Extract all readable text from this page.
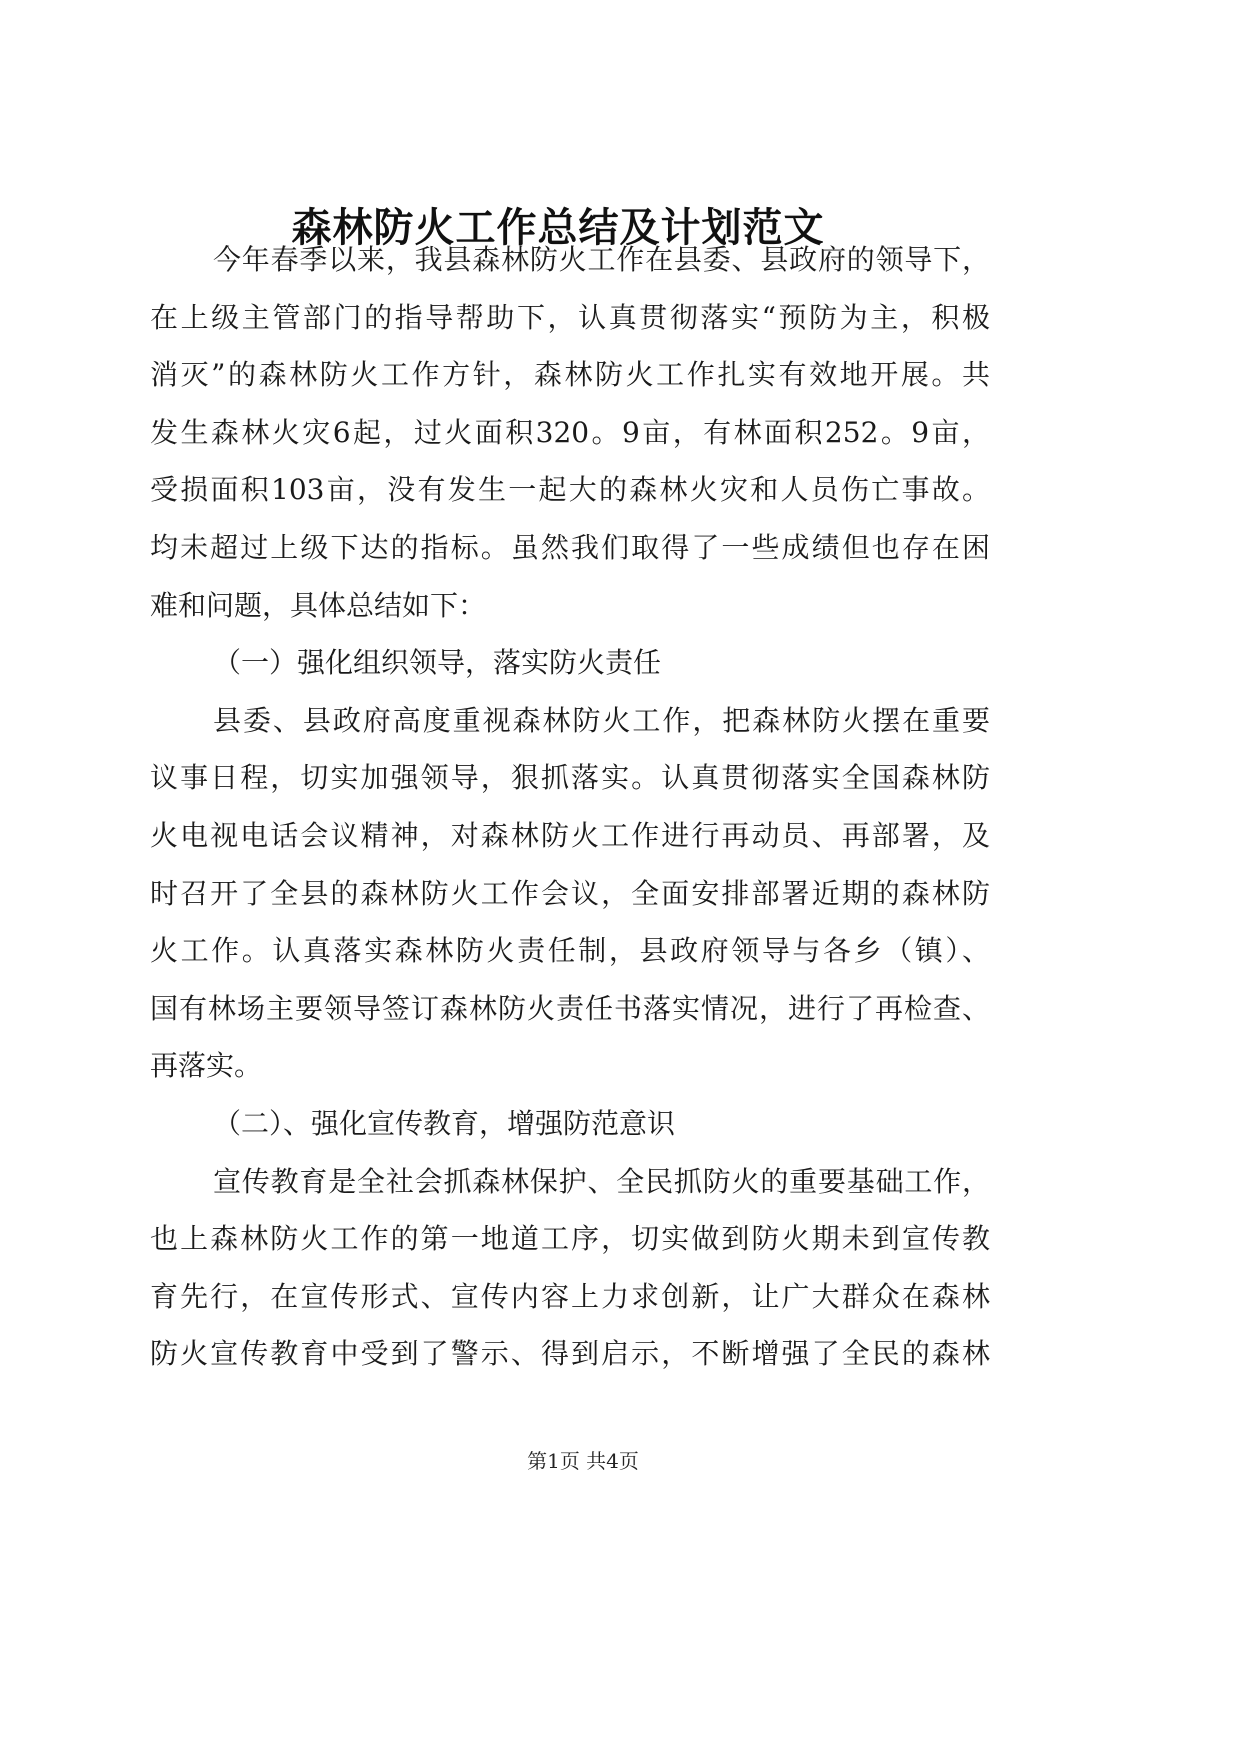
森林防火工作总结及计划范文
今年春季以来，我县森林防火工作在县委、县政府的领导下，
在上级主管部门的指导帮助下，认真贯彻落实“预防为主，积极
消灭”的森林防火工作方针，森林防火工作扎实有效地开展。共
发生森林火灾6起，过火面积320。9亩，有林面积252。9亩，
受损面积103亩，没有发生一起大的森林火灾和人员伤亡事故。
均未超过上级下达的指标。虽然我们取得了一些成绩但也存在困
难和问题，具体总结如下：
（一）强化组织领导，落实防火责任
县委、县政府高度重视森林防火工作，把森林防火摆在重要
议事日程，切实加强领导，狠抓落实。认真贯彻落实全国森林防
火电视电话会议精神，对森林防火工作进行再动员、再部署，及
时召开了全县的森林防火工作会议，全面安排部署近期的森林防
火工作。认真落实森林防火责任制，县政府领导与各乡（镇）、
国有林场主要领导签订森林防火责任书落实情况，进行了再检查、
再落实。
（二）、强化宣传教育，增强防范意识
宣传教育是全社会抓森林保护、全民抓防火的重要基础工作，
也上森林防火工作的第一地道工序，切实做到防火期未到宣传教
育先行，在宣传形式、宣传内容上力求创新，让广大群众在森林
防火宣传教育中受到了警示、得到启示，不断增强了全民的森林
第1页 共4页
